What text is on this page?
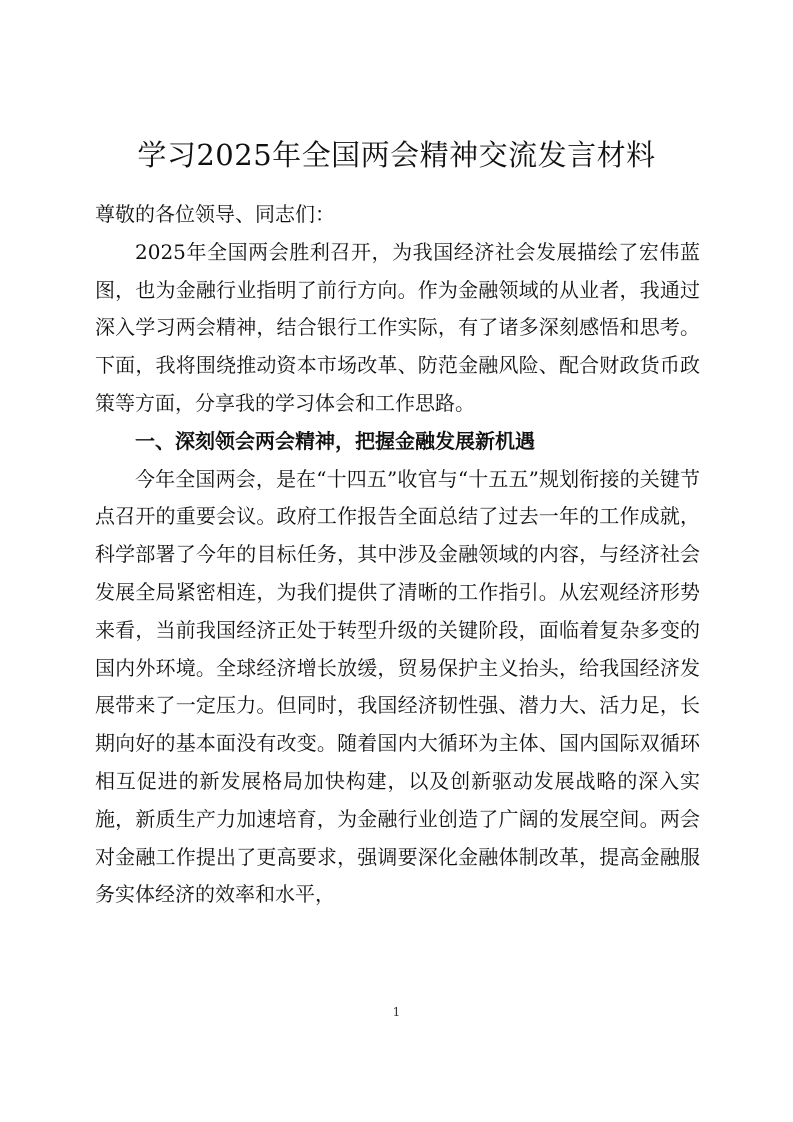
学习2025年全国两会精神交流发言材料

尊敬的各位领导、同志们：

2025年全国两会胜利召开，为我国经济社会发展描绘了宏伟蓝图，也为金融行业指明了前行方向。作为金融领域的从业者，我通过深入学习两会精神，结合银行工作实际，有了诸多深刻感悟和思考。下面，我将围绕推动资本市场改革、防范金融风险、配合财政货币政策等方面，分享我的学习体会和工作思路。

一、深刻领会两会精神，把握金融发展新机遇

今年全国两会，是在“十四五”收官与“十五五”规划衔接的关键节点召开的重要会议。政府工作报告全面总结了过去一年的工作成就，科学部署了今年的目标任务，其中涉及金融领域的内容，与经济社会发展全局紧密相连，为我们提供了清晰的工作指引。从宏观经济形势来看，当前我国经济正处于转型升级的关键阶段，面临着复杂多变的国内外环境。全球经济增长放缓，贸易保护主义抬头，给我国经济发展带来了一定压力。但同时，我国经济韧性强、潜力大、活力足，长期向好的基本面没有改变。随着国内大循环为主体、国内国际双循环相互促进的新发展格局加快构建，以及创新驱动发展战略的深入实施，新质生产力加速培育，为金融行业创造了广阔的发展空间。两会对金融工作提出了更高要求，强调要深化金融体制改革，提高金融服务实体经济的效率和水平，

1
